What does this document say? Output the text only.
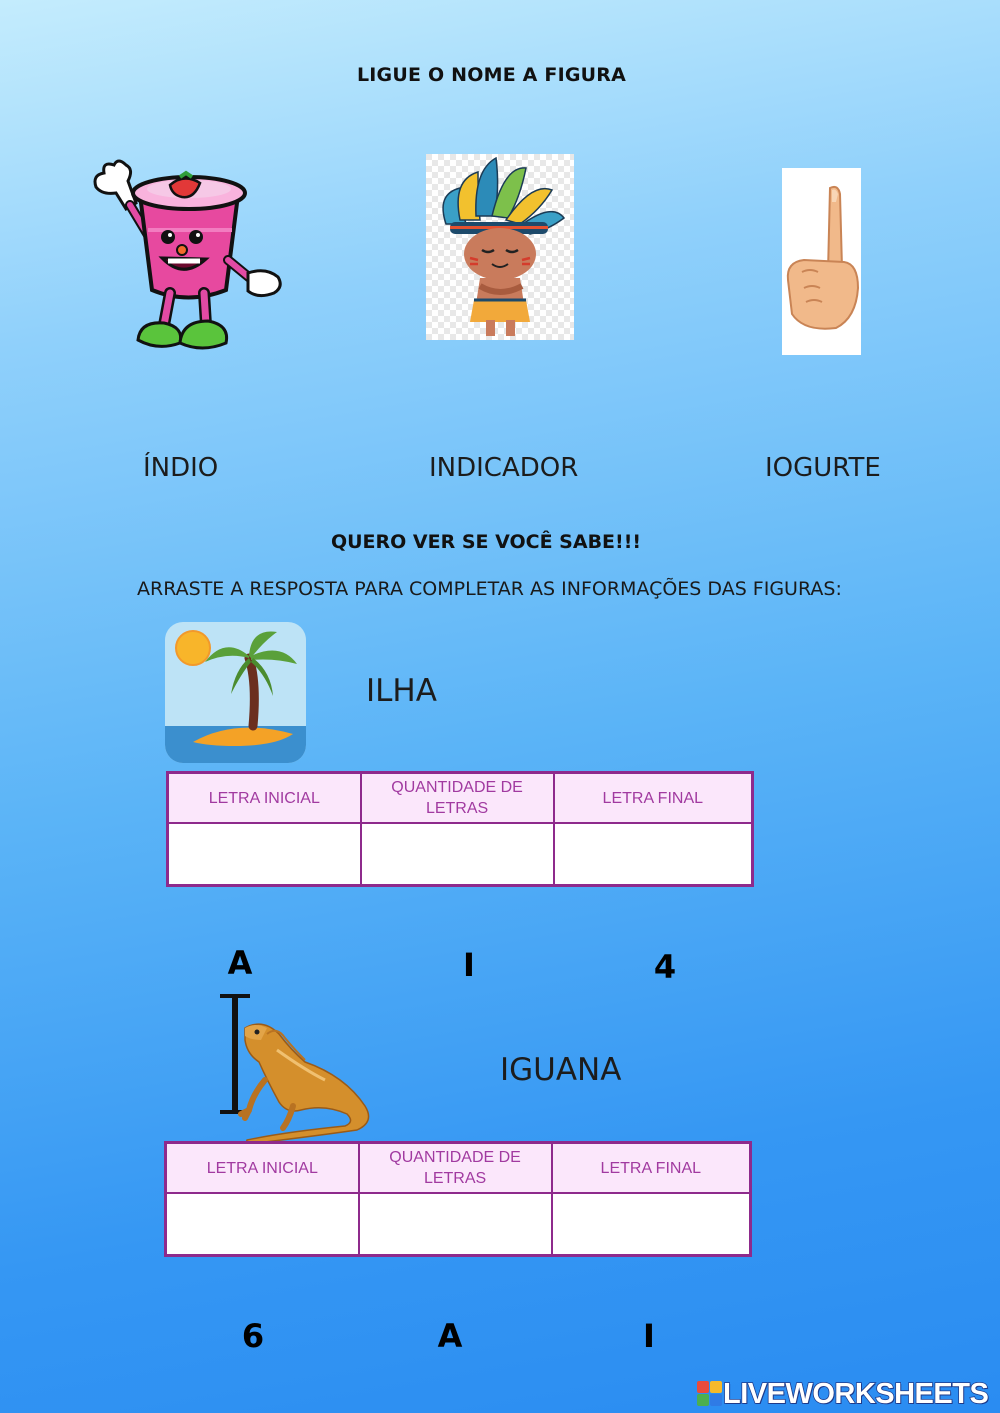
LIGUE O NOME A FIGURA
ÍNDIO	INDICADOR	IOGURTE
QUERO VER SE VOCÊ SABE!!!
ARRASTE A RESPOSTA PARA COMPLETAR AS INFORMAÇÕES DAS FIGURAS:
ILHA
LETRA INICIAL	QUANTIDADE DE LETRAS	LETRA FINAL

A	I	4
IGUANA
LETRA INICIAL	QUANTIDADE DE LETRAS	LETRA FINAL

6	A	I
LIVEWORKSHEETS
